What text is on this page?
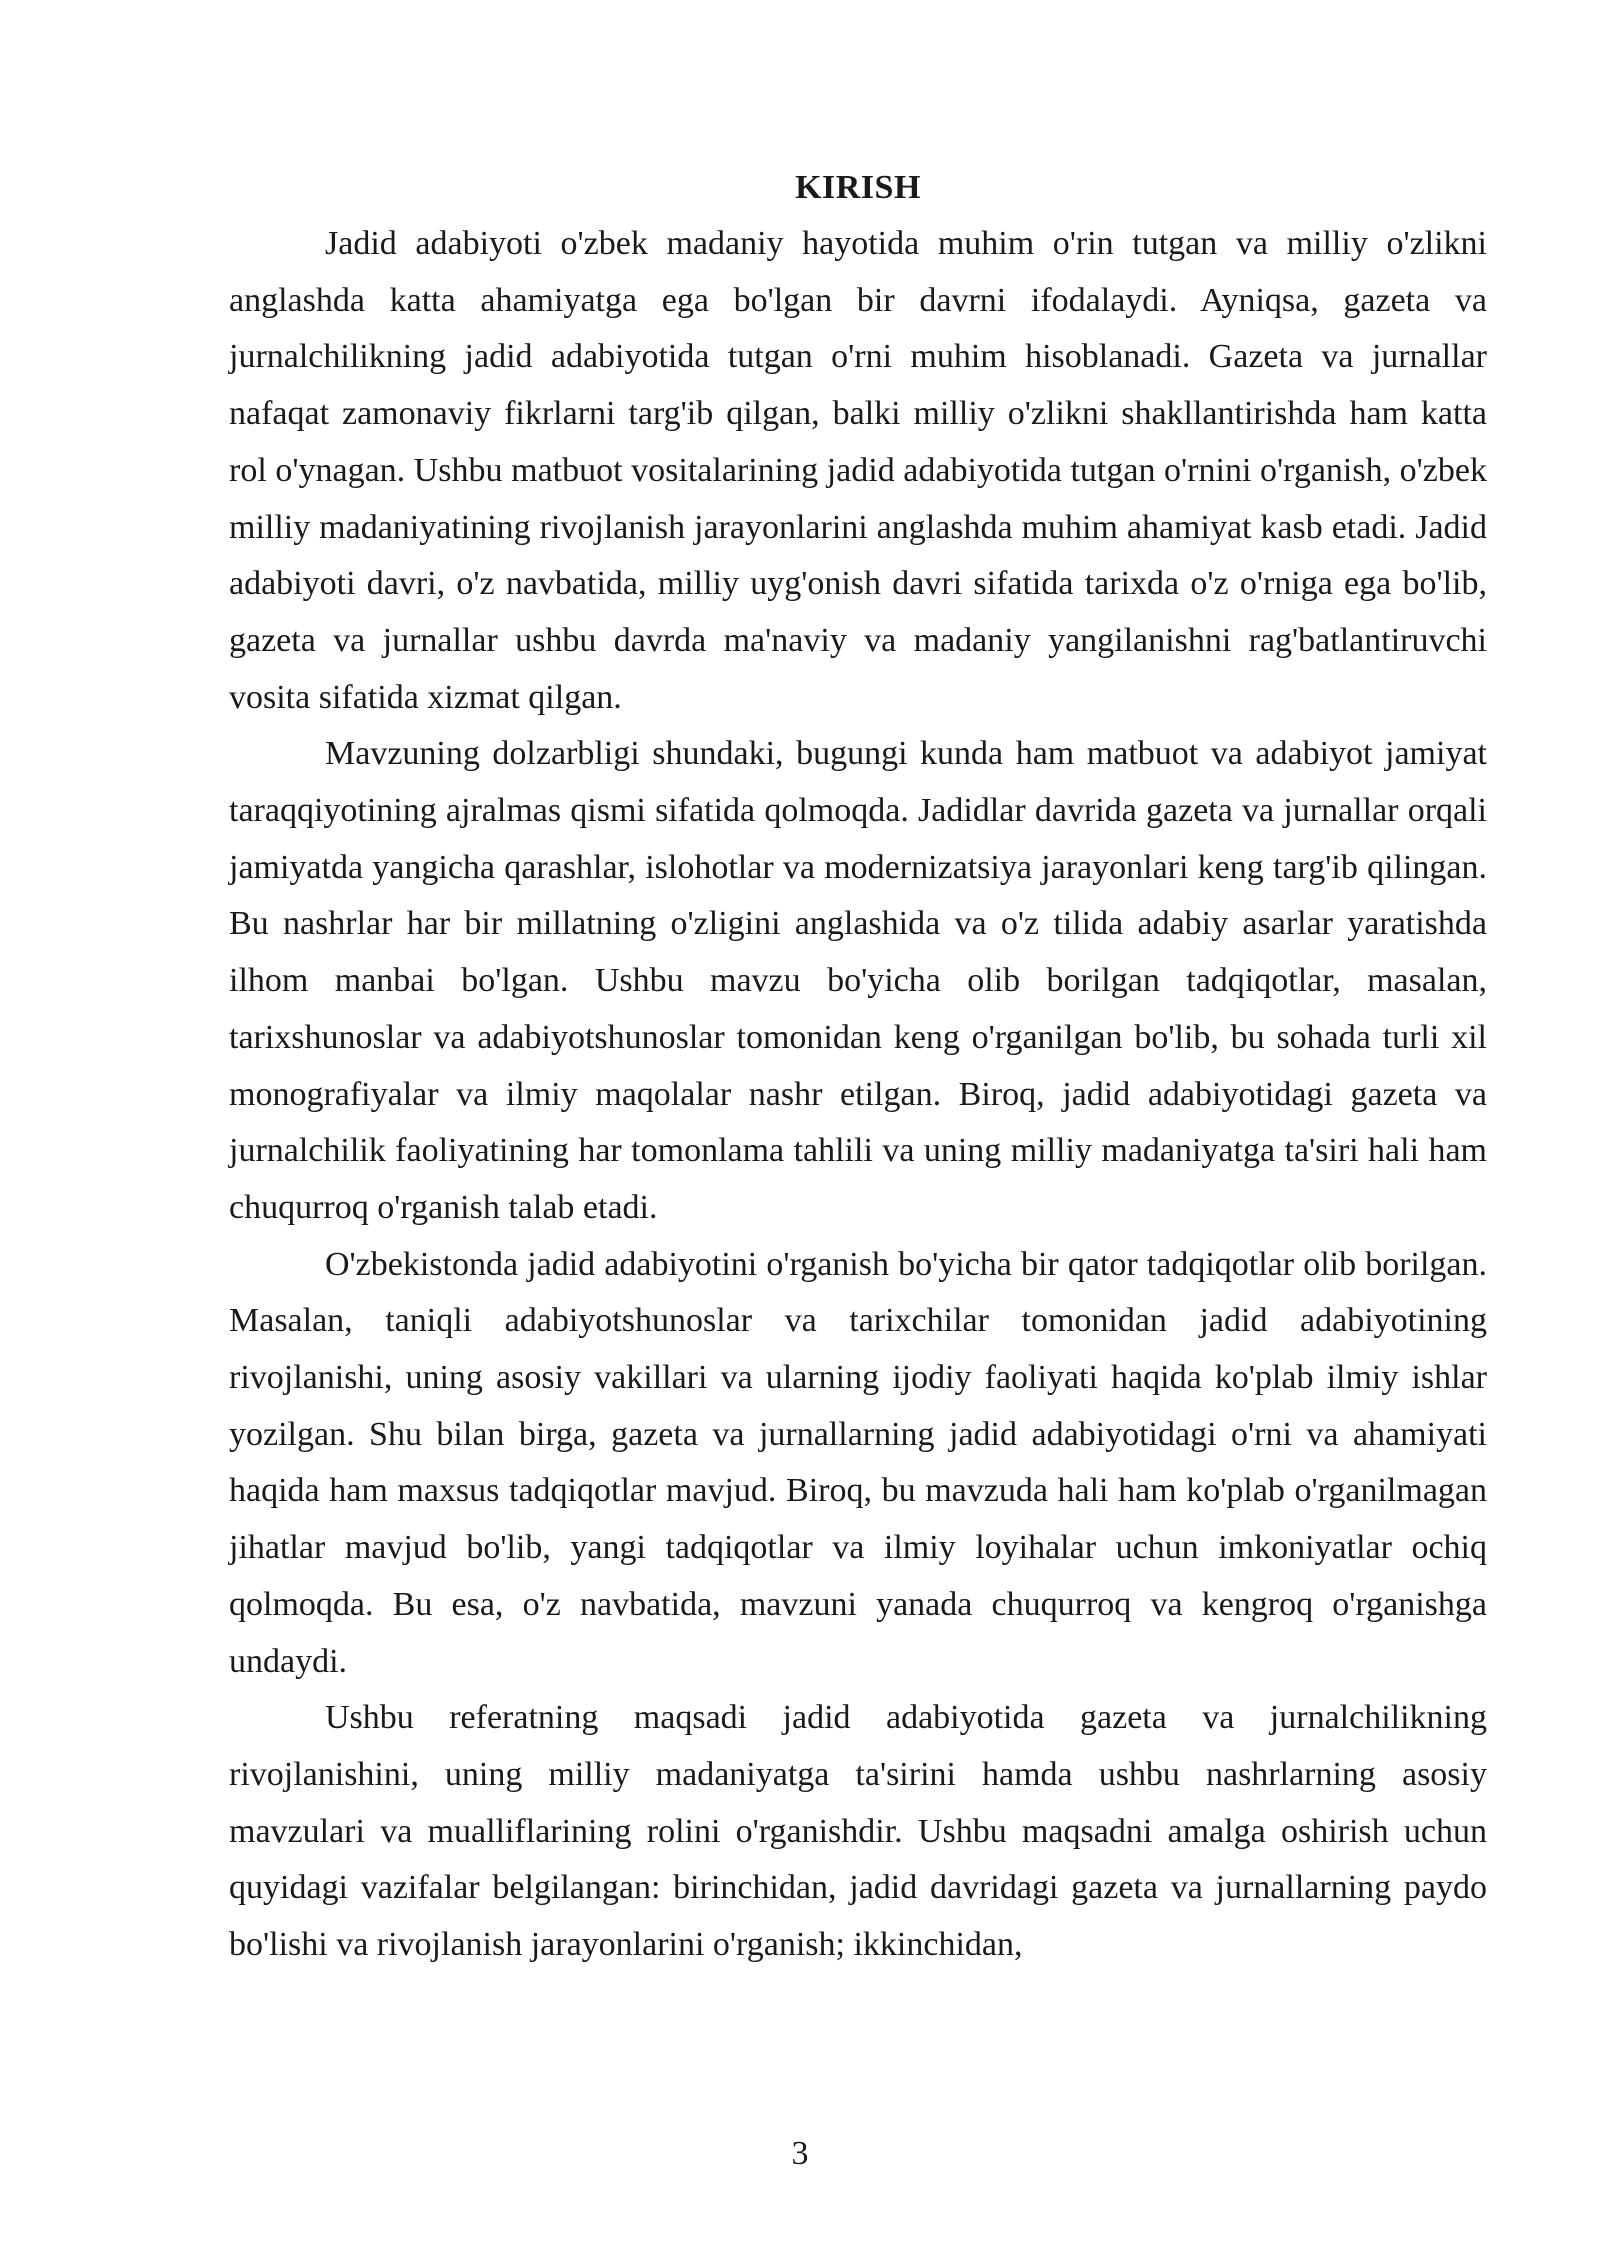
KIRISH

Jadid adabiyoti o'zbek madaniy hayotida muhim o'rin tutgan va milliy o'zlikni anglashda katta ahamiyatga ega bo'lgan bir davrni ifodalaydi. Ayniqsa, gazeta va jurnalchilikning jadid adabiyotida tutgan o'rni muhim hisoblanadi. Gazeta va jurnallar nafaqat zamonaviy fikrlarni targ'ib qilgan, balki milliy o'zlikni shakllantirishda ham katta rol o'ynagan. Ushbu matbuot vositalarining jadid adabiyotida tutgan o'rnini o'rganish, o'zbek milliy madaniyatining rivojlanish jarayonlarini anglashda muhim ahamiyat kasb etadi. Jadid adabiyoti davri, o'z navbatida, milliy uyg'onish davri sifatida tarixda o'z o'rniga ega bo'lib, gazeta va jurnallar ushbu davrda ma'naviy va madaniy yangilanishni rag'batlantiruvchi vosita sifatida xizmat qilgan.

Mavzuning dolzarbligi shundaki, bugungi kunda ham matbuot va adabiyot jamiyat taraqqiyotining ajralmas qismi sifatida qolmoqda. Jadidlar davrida gazeta va jurnallar orqali jamiyatda yangicha qarashlar, islohotlar va modernizatsiya jarayonlari keng targ'ib qilingan. Bu nashrlar har bir millatning o'zligini anglashida va o'z tilida adabiy asarlar yaratishda ilhom manbai bo'lgan. Ushbu mavzu bo'yicha olib borilgan tadqiqotlar, masalan, tarixshunoslar va adabiyotshunoslar tomonidan keng o'rganilgan bo'lib, bu sohada turli xil monografiyalar va ilmiy maqolalar nashr etilgan. Biroq, jadid adabiyotidagi gazeta va jurnalchilik faoliyatining har tomonlama tahlili va uning milliy madaniyatga ta'siri hali ham chuqurroq o'rganish talab etadi.

O'zbekistonda jadid adabiyotini o'rganish bo'yicha bir qator tadqiqotlar olib borilgan. Masalan, taniqli adabiyotshunoslar va tarixchilar tomonidan jadid adabiyotining rivojlanishi, uning asosiy vakillari va ularning ijodiy faoliyati haqida ko'plab ilmiy ishlar yozilgan. Shu bilan birga, gazeta va jurnallarning jadid adabiyotidagi o'rni va ahamiyati haqida ham maxsus tadqiqotlar mavjud. Biroq, bu mavzuda hali ham ko'plab o'rganilmagan jihatlar mavjud bo'lib, yangi tadqiqotlar va ilmiy loyihalar uchun imkoniyatlar ochiq qolmoqda. Bu esa, o'z navbatida, mavzuni yanada chuqurroq va kengroq o'rganishga undaydi.

Ushbu referatning maqsadi jadid adabiyotida gazeta va jurnalchilikning rivojlanishini, uning milliy madaniyatga ta'sirini hamda ushbu nashrlarning asosiy mavzulari va mualliflarining rolini o'rganishdir. Ushbu maqsadni amalga oshirish uchun quyidagi vazifalar belgilangan: birinchidan, jadid davridagi gazeta va jurnallarning paydo bo'lishi va rivojlanish jarayonlarini o'rganish; ikkinchidan,

3
